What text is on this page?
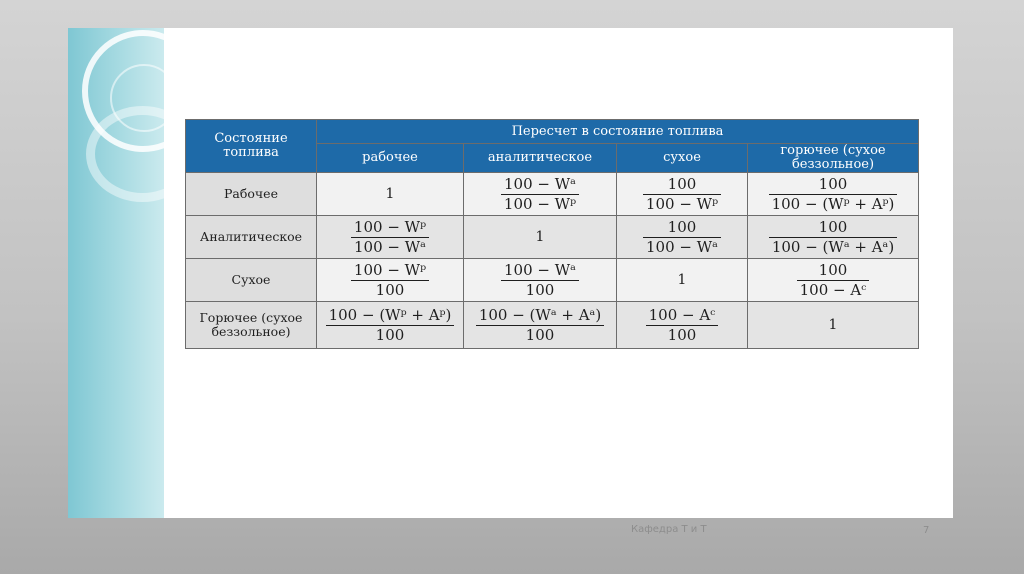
Состояние топлива	Пересчет в состояние топлива			
	рабочее	аналитическое	сухое	горючее (сухое беззольное)
Рабочее	1	$\frac{\text{100 − Wᵃ}}{\text{100 − Wᵖ}}$	$\frac{100}{\text{100 − Wᵖ}}$	$\frac{100}{\text{100 − (Wᵖ + Aᵖ)}}$

Аналитическое	$\frac{\text{100 − Wᵖ}}{\text{100 − Wᵃ}}$	1	$\frac{100}{\text{100 − Wᵃ}}$	$\frac{100}{\text{100 − (Wᵃ + Aᵃ)}}$

Сухое	$\frac{\text{100 − Wᵖ}}{100}$	$\frac{\text{100 − Wᵃ}}{100}$	1	$\frac{100}{\text{100 − Aᶜ}}$

Горючее (сухое беззольное)	$\frac{\text{100 − (Wᵖ + Aᵖ)}}{100}$	$\frac{\text{100 − (Wᵃ + Aᵃ)}}{100}$	$\frac{\text{100 − Aᶜ}}{100}$	1
Кафедра Т и Т	7
